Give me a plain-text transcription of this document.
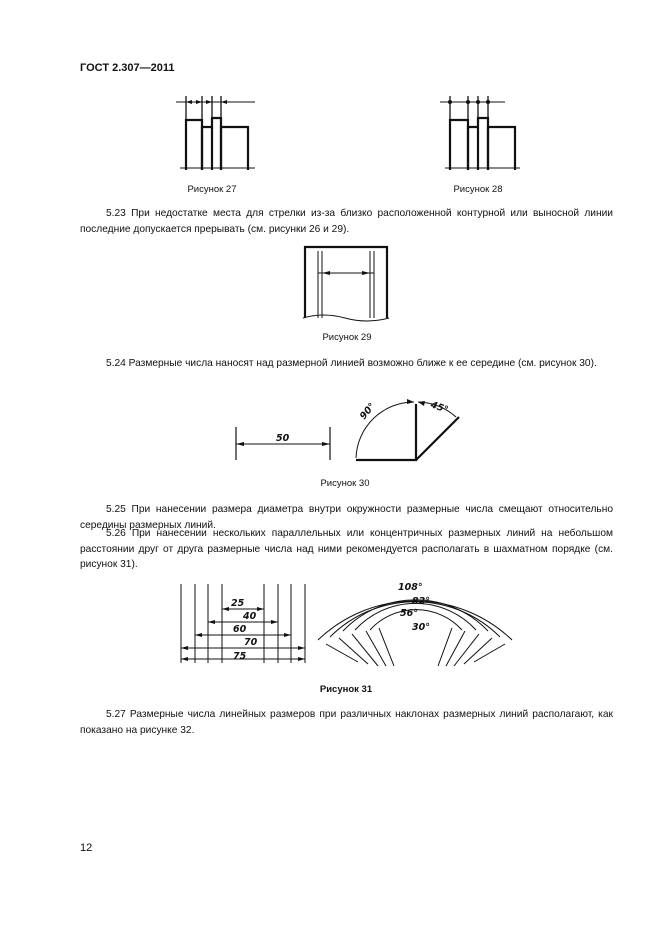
ГОСТ 2.307—2011
Рисунок 27	Рисунок 28

5.23 При недостатке места для стрелки из-за близко расположенной контурной или выносной линии последние допускается прерывать (см. рисунки 26 и 29).

Рисунок 29

5.24 Размерные числа наносят над размерной линией возможно ближе к ее середине (см. рисунок 30).

50
90°	45°
Рисунок 30

5.25 При нанесении размера диаметра внутри окружности размерные числа смещают относительно середины размерных линий.

5.26 При нанесении нескольких параллельных или концентричных размерных линий на небольшом расстоянии друг от друга размерные числа над ними рекомендуется располагать в шахматном порядке (см. рисунок 31).

25
40
60
70
75
108°
82°
56°
30°
Рисунок 31

5.27 Размерные числа линейных размеров при различных наклонах размерных линий располагают, как показано на рисунке 32.

12
